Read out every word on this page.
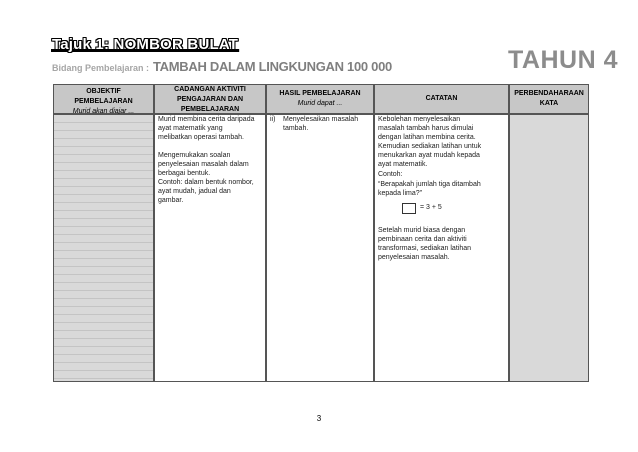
Tajuk 1: NOMBOR BULAT
Bidang Pembelajaran : TAMBAH DALAM LINGKUNGAN 100 000	TAHUN 4
OBJEKTIF
PEMBELAJARAN
Murid akan diajar ...
CADANGAN AKTIVITI
PENGAJARAN DAN
PEMBELAJARAN
HASIL PEMBELAJARAN
Murid dapat ...
CATATAN
PERBENDAHARAAN
KATA
Murid membina cerita daripada
ayat matematik yang
melibatkan operasi tambah.
Mengemukakan soalan
penyelesaian masalah dalam
berbagai bentuk.
Contoh: dalam bentuk nombor,
ayat mudah, jadual dan
gambar.
ii) Menyelesaikan masalah
tambah.
Kebolehan menyelesaikan
masalah tambah harus dimulai
dengan latihan membina cerita.
Kemudian sediakan latihan untuk
menukarkan ayat mudah kepada
ayat matematik.
Contoh:
“Berapakah jumlah tiga ditambah
kepada lima?”
= 3 + 5
Setelah murid biasa dengan
pembinaan cerita dan aktiviti
transformasi, sediakan latihan
penyelesaian masalah.
3
